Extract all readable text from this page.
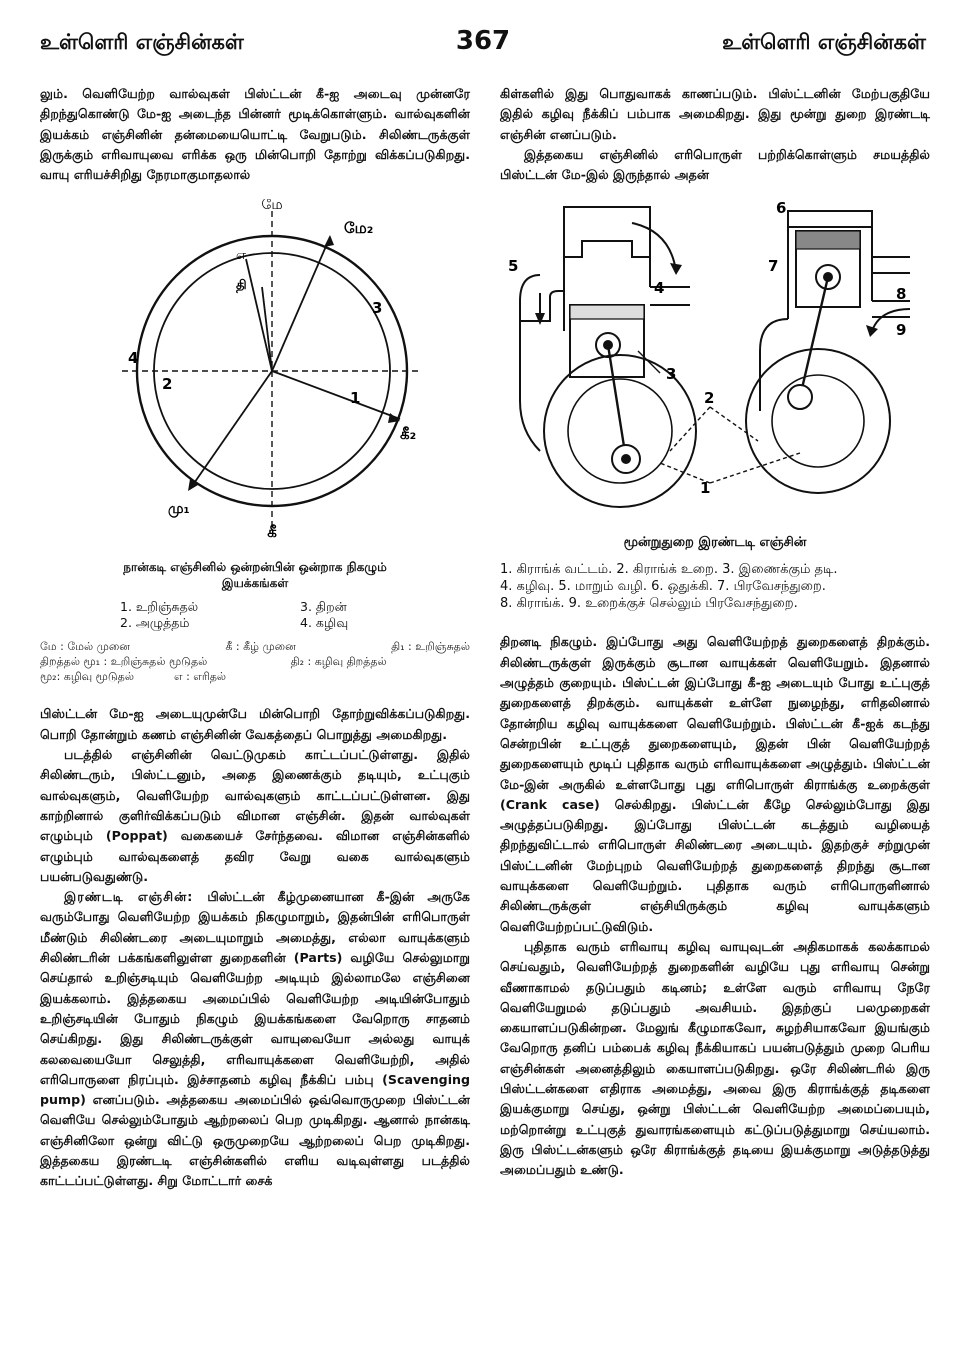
உள்ளெரி எஞ்சின்கள்	367	உள்ளெரி எஞ்சின்கள்

லும். வெளியேற்ற வால்வுகள் பிஸ்ட்டன் கீ-ஐ அடைவு முன்னரே திறந்துகொண்டு மே-ஐ அடைந்த பின்னர் மூடிக்கொள்ளும். வால்வுகளின் இயக்கம் எஞ்சினின் தன்மையையொட்டி வேறுபடும். சிலிண்டருக்குள் இருக்கும் எரிவாயுவை எரிக்க ஒரு மின்பொறி தோற்று விக்கப்படுகிறது. வாயு எரியச்சிறிது நேரமாகுமாதலால்

மே
மே₂
எ
தி
3
4
2
1
கீ₂
மு₁
கீ

நான்கடி எஞ்சினில் ஒன்றன்பின் ஒன்றாக நிகழும் இயக்கங்கள்

1. உறிஞ்சுதல்	3. திறன்
2. அழுத்தம்	4. கழிவு
மே : மேல் முனை	கீ : கீழ் முனை	தி₁ : உறிஞ்சுதல்
திறத்தல் மூ₁ : உறிஞ்சுதல் மூடுதல்	தி₂ : கழிவு திறத்தல்
மூ₂: கழிவு மூடுதல்	எ : எரிதல்

பிஸ்ட்டன் மே-ஐ அடையுமுன்பே மின்பொறி தோற்றுவிக்கப்படுகிறது. பொறி தோன்றும் கணம் எஞ்சினின் வேகத்தைப் பொறுத்து அமைகிறது.

படத்தில் எஞ்சினின் வெட்டுமுகம் காட்டப்பட்டுள்ளது. இதில் சிலிண்டரும், பிஸ்ட்டனும், அதை இணைக்கும் தடியும், உட்புகும் வால்வுகளும், வெளியேற்ற வால்வுகளும் காட்டப்பட்டுள்ளன. இது காற்றினால் குளிர்விக்கப்படும் விமான எஞ்சின். இதன் வால்வுகள் எழும்பும் (Poppat) வகையைச் சேர்ந்தவை. விமான எஞ்சின்களில் எழும்பும் வால்வுகளைத் தவிர வேறு வகை வால்வுகளும் பயன்படுவதுண்டு.

இரண்டடி எஞ்சின்: பிஸ்ட்டன் கீழ்முனையான கீ-இன் அருகே வரும்போது வெளியேற்ற இயக்கம் நிகழுமாறும், இதன்பின் எரிபொருள் மீண்டும் சிலிண்டரை அடையுமாறும் அமைத்து, எல்லா வாயுக்களும் சிலிண்டரின் பக்கங்களிலுள்ள துறைகளின் (Parts) வழியே செல்லுமாறு செய்தால் உறிஞ்சடியும் வெளியேற்ற அடியும் இல்லாமலே எஞ்சினை இயக்கலாம். இத்தகைய அமைப்பில் வெளியேற்ற அடியின்போதும் உறிஞ்சடியின் போதும் நிகழும் இயக்கங்களை வேறொரு சாதனம் செய்கிறது. இது சிலிண்டருக்குள் வாயுவையோ அல்லது வாயுக் கலவையையோ செலுத்தி, எரிவாயுக்களை வெளியேற்றி, அதில் எரிபொருளை நிரப்பும். இச்சாதனம் கழிவு நீக்கிப் பம்பு (Scavenging pump) எனப்படும். அத்தகைய அமைப்பில் ஒவ்வொருமுறை பிஸ்ட்டன் வெளியே செல்லும்போதும் ஆற்றலைப் பெற முடிகிறது. ஆனால் நான்கடி எஞ்சினிலோ ஒன்று விட்டு ஒருமுறையே ஆற்றலைப் பெற முடிகிறது. இத்தகைய இரண்டடி எஞ்சின்களில் எளிய வடிவுள்ளது படத்தில் காட்டப்பட்டுள்ளது. சிறு மோட்டார் சைக்

கிள்களில் இது பொதுவாகக் காணப்படும். பிஸ்ட்டனின் மேற்பகுதியே இதில் கழிவு நீக்கிப் பம்பாக அமைகிறது. இது மூன்று துறை இரண்டடி எஞ்சின் எனப்படும்.

இத்தகைய எஞ்சினில் எரிபொருள் பற்றிக்கொள்ளும் சமயத்தில் பிஸ்ட்டன் மே-இல் இருந்தால் அதன்

1
2
3
4
5
6
7
8
9
மூன்றுதுறை இரண்டடி எஞ்சின்
1. கிராங்க் வட்டம். 2. கிராங்க் உறை. 3. இணைக்கும் தடி.
4. கழிவு. 5. மாறும் வழி. 6. ஒதுக்கி. 7. பிரவேசந்துறை.
8. கிராங்க். 9. உறைக்குச் செல்லும் பிரவேசந்துறை.

திறனடி நிகழும். இப்போது அது வெளியேற்றத் துறைகளைத் திறக்கும். சிலிண்டருக்குள் இருக்கும் சூடான வாயுக்கள் வெளியேறும். இதனால் அழுத்தம் குறையும். பிஸ்ட்டன் இப்போது கீ-ஐ அடையும் போது உட்புகுத் துறைகளைத் திறக்கும். வாயுக்கள் உள்ளே நுழைந்து, எரிதலினால் தோன்றிய கழிவு வாயுக்களை வெளியேற்றும். பிஸ்ட்டன் கீ-ஐக் கடந்து சென்றபின் உட்புகுத் துறைகளையும், இதன் பின் வெளியேற்றத் துறைகளையும் மூடிப் புதிதாக வரும் எரிவாயுக்களை அழுத்தும். பிஸ்ட்டன் மே-இன் அருகில் உள்ளபோது புது எரிபொருள் கிராங்க்கு உறைக்குள் (Crank case) செல்கிறது. பிஸ்ட்டன் கீழே செல்லும்போது இது அழுத்தப்படுகிறது. இப்போது பிஸ்ட்டன் கடத்தும் வழியைத் திறந்துவிட்டால் எரிபொருள் சிலிண்டரை அடையும். இதற்குச் சற்றுமுன் பிஸ்ட்டனின் மேற்புறம் வெளியேற்றத் துறைகளைத் திறந்து சூடான வாயுக்களை வெளியேற்றும். புதிதாக வரும் எரிபொருளினால் சிலிண்டருக்குள் எஞ்சியிருக்கும் கழிவு வாயுக்களும் வெளியேற்றப்பட்டுவிடும்.

புதிதாக வரும் எரிவாயு கழிவு வாயுவுடன் அதிகமாகக் கலக்காமல் செய்வதும், வெளியேற்றத் துறைகளின் வழியே புது எரிவாயு சென்று வீணாகாமல் தடுப்பதும் கடினம்; உள்ளே வரும் எரிவாயு நேரே வெளியேறுமல் தடுப்பதும் அவசியம். இதற்குப் பலமுறைகள் கையாளப்படுகின்றன. மேலுங் கீழுமாகவோ, சுழற்சியாகவோ இயங்கும் வேறொரு தனிப் பம்பைக் கழிவு நீக்கியாகப் பயன்படுத்தும் முறை பெரிய எஞ்சின்கள் அனைத்திலும் கையாளப்படுகிறது. ஒரே சிலிண்டரில் இரு பிஸ்ட்டன்களை எதிராக அமைத்து, அவை இரு கிராங்க்குத் தடிகளை இயக்குமாறு செய்து, ஒன்று பிஸ்ட்டன் வெளியேற்ற அமைப்பையும், மற்றொன்று உட்புகுத் துவாரங்களையும் கட்டுப்படுத்துமாறு செய்யலாம். இரு பிஸ்ட்டன்களும் ஒரே கிராங்க்குத் தடியை இயக்குமாறு அடுத்தடுத்து அமைப்பதும் உண்டு.
